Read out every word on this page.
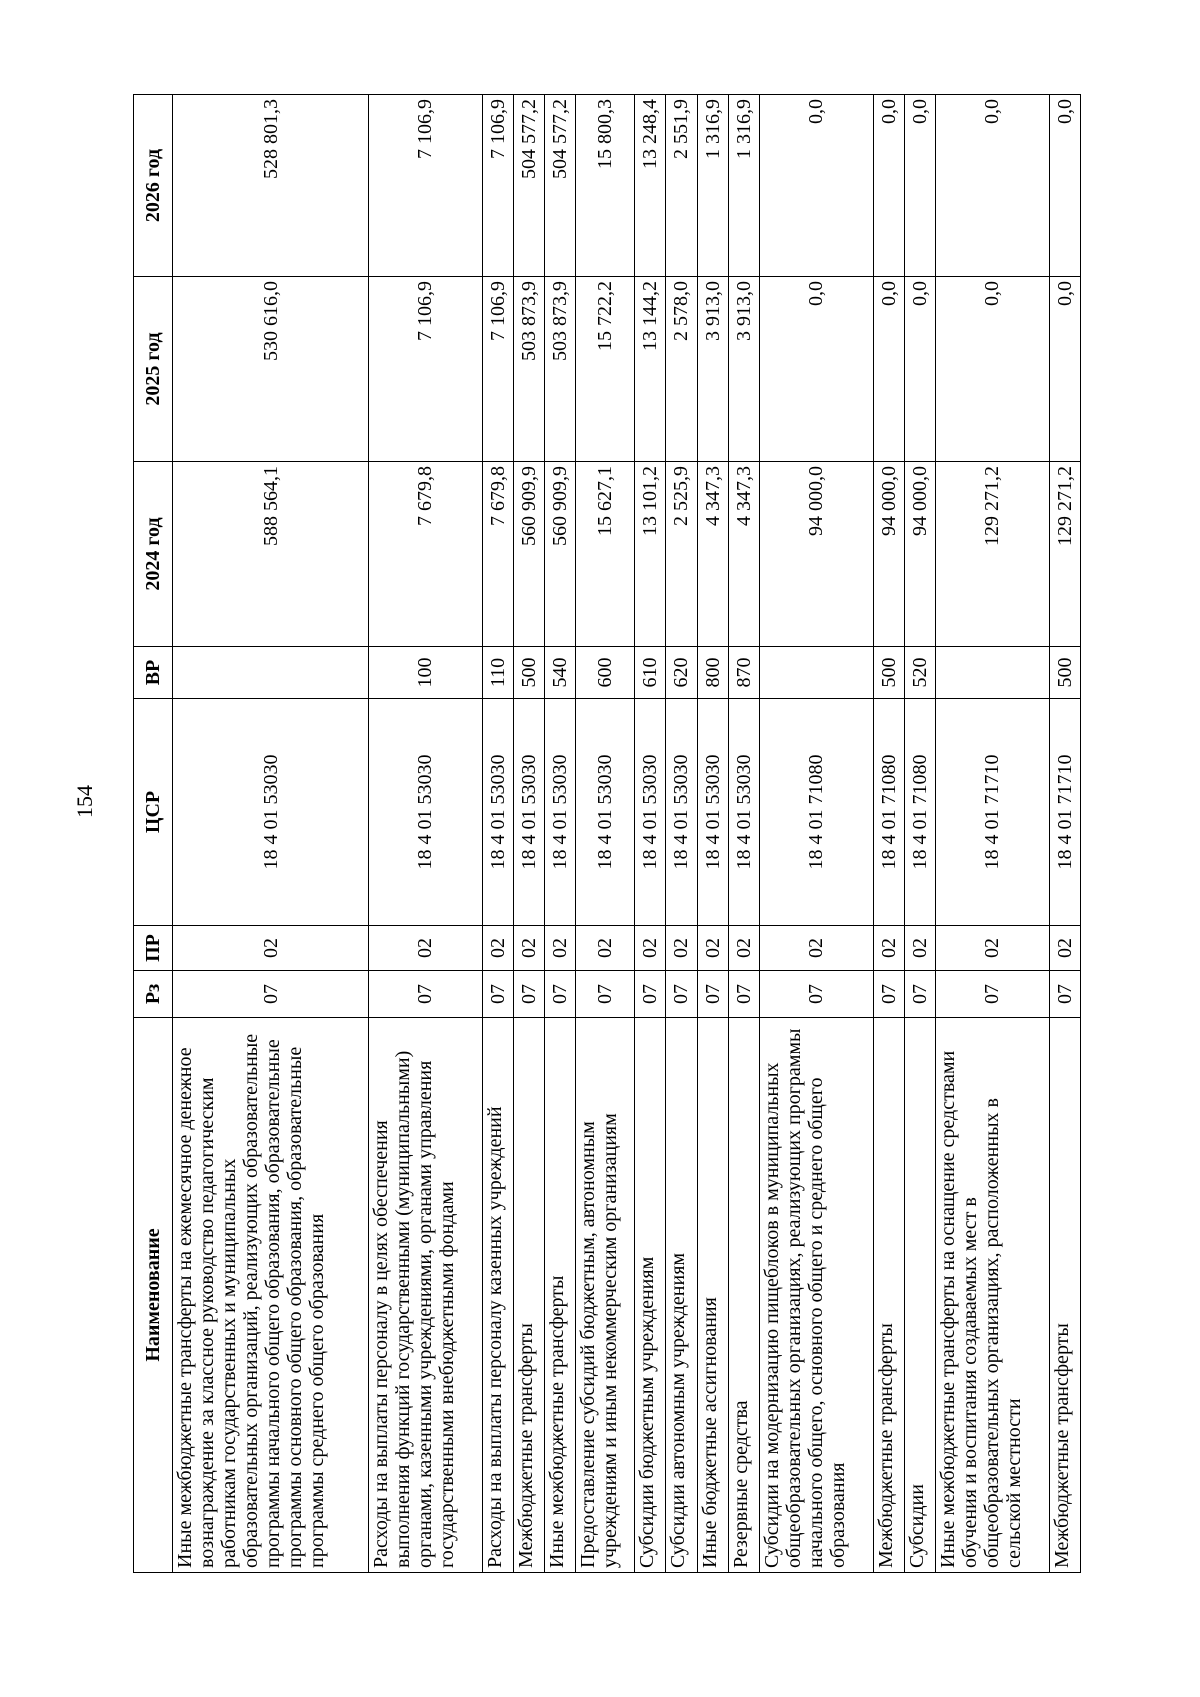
154
Наименование	Рз	ПР	ЦСР	ВР	2024 год	2025 год	2026 год
Иные межбюджетные трансферты на ежемесячное денежное вознаграждение за классное руководство педагогическим работникам государственных и муниципальных образовательных организаций, реализующих образовательные программы начального общего образования, образовательные программы основного общего образования, образовательные программы среднего общего образования	07	02	18 4 01 53030		588 564,1	530 616,0	528 801,3
Расходы на выплаты персоналу в целях обеспечения выполнения функций государственными (муниципальными) органами, казенными учреждениями, органами управления государственными внебюджетными фондами	07	02	18 4 01 53030	100	7 679,8	7 106,9	7 106,9
Расходы на выплаты персоналу казенных учреждений	07	02	18 4 01 53030	110	7 679,8	7 106,9	7 106,9
Межбюджетные трансферты	07	02	18 4 01 53030	500	560 909,9	503 873,9	504 577,2
Иные межбюджетные трансферты	07	02	18 4 01 53030	540	560 909,9	503 873,9	504 577,2
Предоставление субсидий бюджетным, автономным учреждениям и иным некоммерческим организациям	07	02	18 4 01 53030	600	15 627,1	15 722,2	15 800,3
Субсидии бюджетным учреждениям	07	02	18 4 01 53030	610	13 101,2	13 144,2	13 248,4
Субсидии автономным учреждениям	07	02	18 4 01 53030	620	2 525,9	2 578,0	2 551,9
Иные бюджетные ассигнования	07	02	18 4 01 53030	800	4 347,3	3 913,0	1 316,9
Резервные средства	07	02	18 4 01 53030	870	4 347,3	3 913,0	1 316,9
Субсидии на модернизацию пищеблоков в муниципальных общеобразовательных организациях, реализующих программы начального общего, основного общего и среднего общего образования	07	02	18 4 01 71080		94 000,0	0,0	0,0
Межбюджетные трансферты	07	02	18 4 01 71080	500	94 000,0	0,0	0,0
Субсидии	07	02	18 4 01 71080	520	94 000,0	0,0	0,0
Иные межбюджетные трансферты на оснащение средствами обучения и воспитания создаваемых мест в общеобразовательных организациях, расположенных в сельской местности	07	02	18 4 01 71710		129 271,2	0,0	0,0
Межбюджетные трансферты	07	02	18 4 01 71710	500	129 271,2	0,0	0,0
